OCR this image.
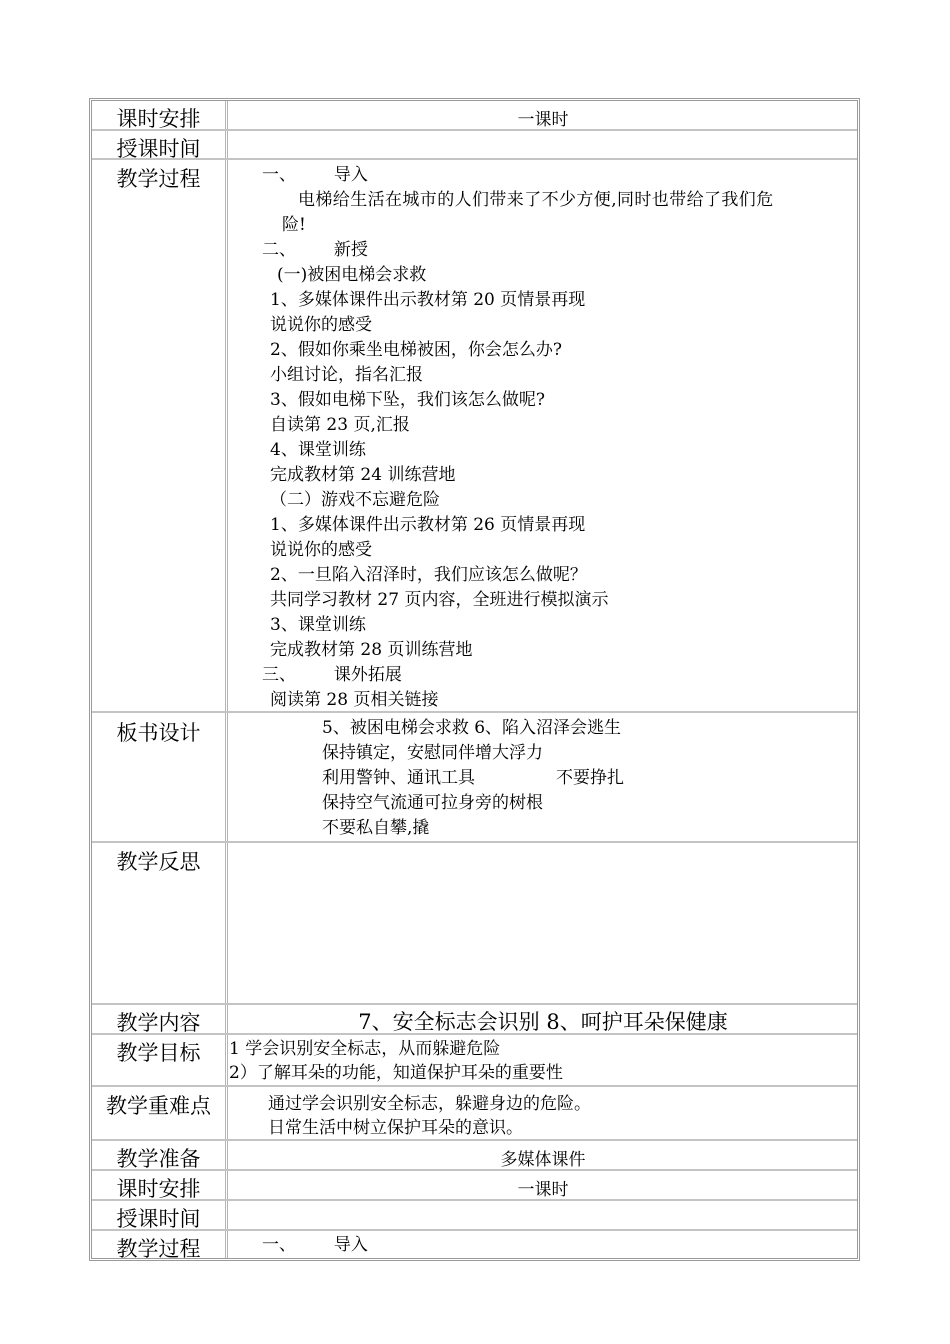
课时安排	一课时
授课时间
教学过程	一、       导入
电梯给生活在城市的人们带来了不少方便,同时也带给了我们危
险!
二、       新授
(一)被困电梯会求救
1、多媒体课件出示教材第 20 页情景再现
说说你的感受
2、假如你乘坐电梯被困，你会怎么办?
小组讨论，指名汇报
3、假如电梯下坠，我们该怎么做呢?
自读第 23 页,汇报
4、课堂训练
完成教材第 24 训练营地
（二）游戏不忘避危险
1、多媒体课件出示教材第 26 页情景再现
说说你的感受
2、一旦陷入沼泽时，我们应该怎么做呢？
共同学习教材 27 页内容，全班进行模拟演示
3、课堂训练
完成教材第 28 页训练营地
三、       课外拓展
阅读第 28 页相关链接
板书设计	5、被困电梯会求救 6、陷入沼泽会逃生
保持镇定，安慰同伴增大浮力
利用警钟、通讯工具               不要挣扎
保持空气流通可拉身旁的树根
不要私自攀,撬
教学反思
教学内容	7、安全标志会识别 8、呵护耳朵保健康
教学目标	1 学会识别安全标志，从而躲避危险
2）了解耳朵的功能，知道保护耳朵的重要性
教学重难点	通过学会识别安全标志，躲避身边的危险。
日常生活中树立保护耳朵的意识。
教学准备	多媒体课件
课时安排	一课时
授课时间
教学过程	一、       导入
